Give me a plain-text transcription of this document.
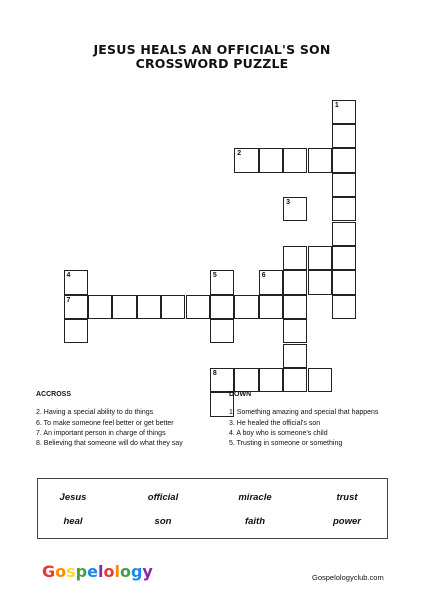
JESUS HEALS AN OFFICIAL'S SON
CROSSWORD PUZZLE
1
2
3
4	5	6
7
8
ACCROSS
2. Having a special ability to do things
6. To make someone feel better or get better
7. An important person in charge of things
8. Believing that someone will do what they say
DOWN
1. Something amazing and special that happens
3. He healed the official's son
4. A boy who is someone's child
5. Trusting in someone or something
Jesus	official	miracle	trust
heal	son	faith	power
Gospelology	Gospelologyclub.com
